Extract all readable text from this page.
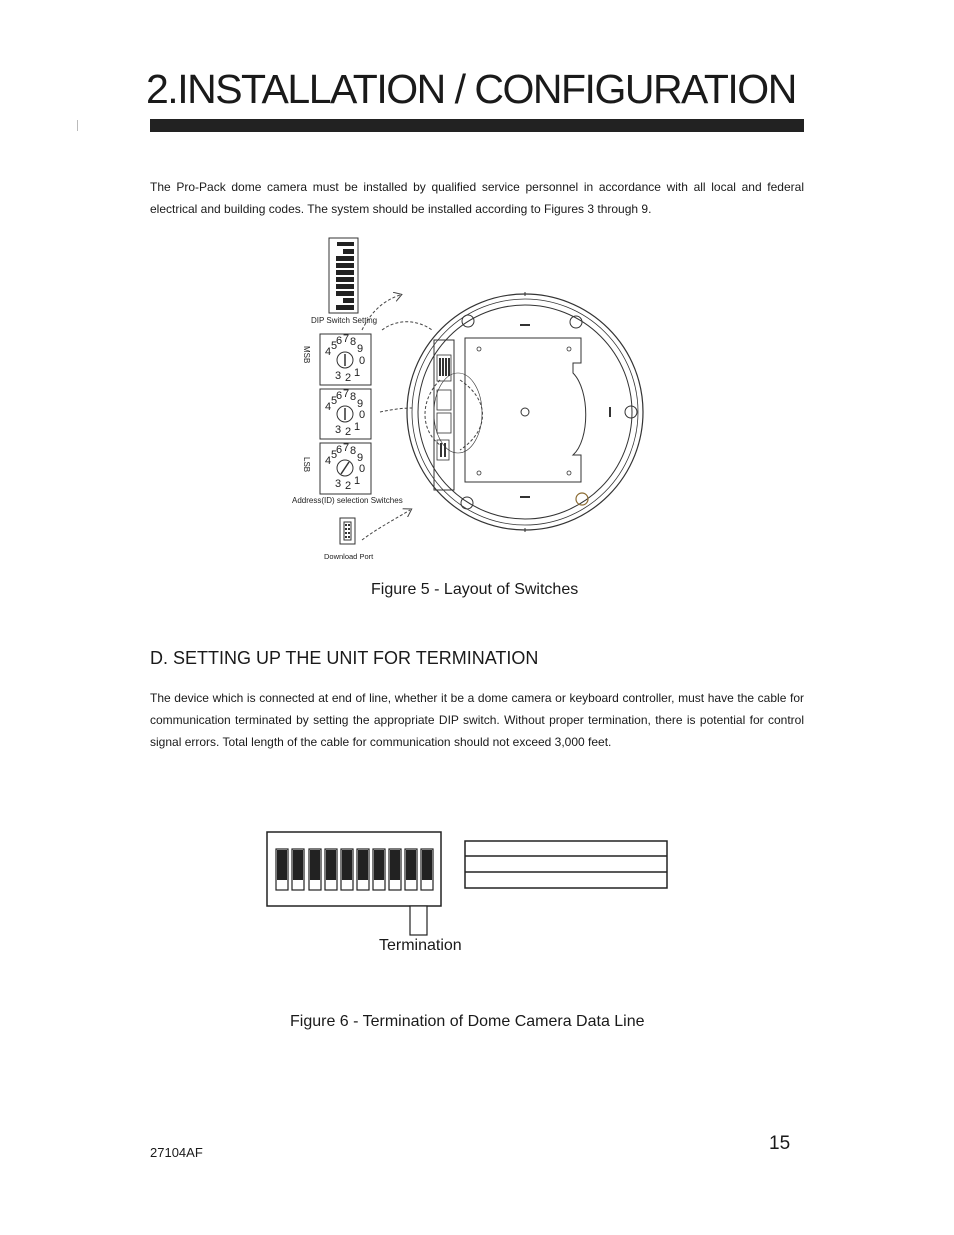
2.INSTALLATION / CONFIGURATION
The Pro-Pack dome camera must be installed by qualified service personnel in accordance with all local and federal electrical and building codes. The system should be installed according to Figures 3 through 9.
DIP Switch Setting
4 5
6 7 8
9
0
1
2
3
MSB
4 5
6 7 8
9
0
1
2
3
4 5
6 7 8
9
0
1
2
3
LSB
Address(ID) selection Switches
Download Port
Figure 5 - Layout of Switches
D. SETTING UP THE UNIT FOR TERMINATION
The device which is connected at end of line, whether it be a dome camera or keyboard controller, must have the cable for communication terminated by setting the appropriate DIP switch. Without proper termination, there is potential for control signal errors. Total length of the cable for communication should not exceed 3,000 feet.
Termination
Figure 6 - Termination of Dome Camera Data Line
15
27104AF
